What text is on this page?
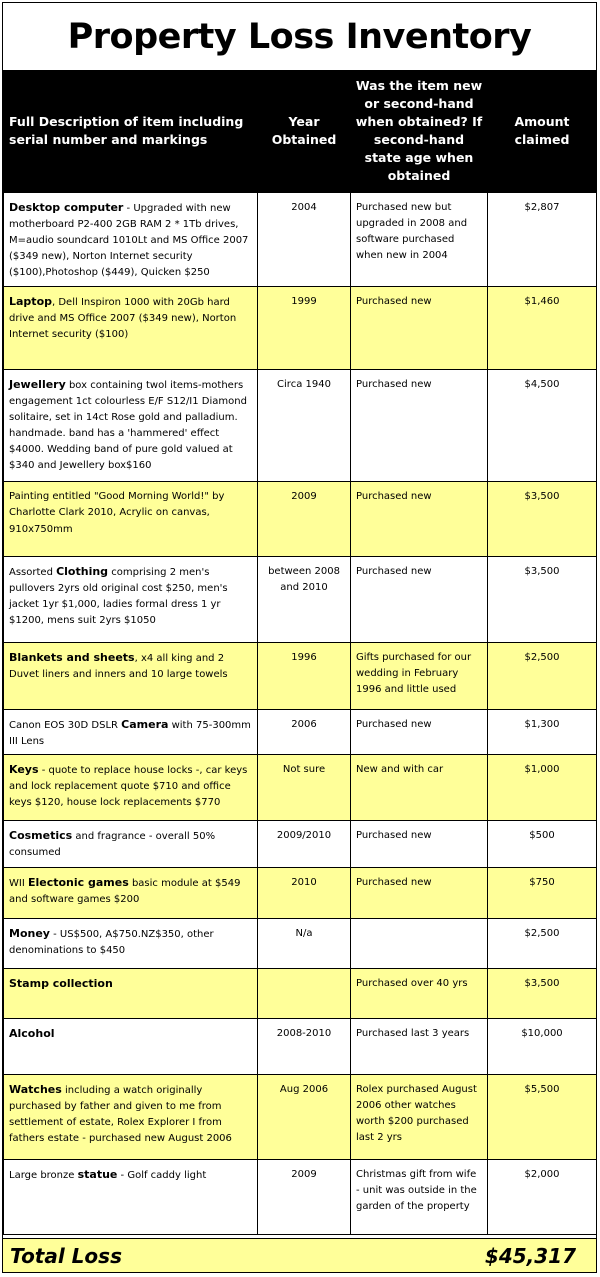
Property Loss Inventory
Full Description of item including serial number and markings	Year Obtained	Was the item new or second-hand when obtained? If second-hand state age when obtained	Amount claimed
Desktop computer - Upgraded with new motherboard P2-400 2GB RAM 2 * 1Tb drives, M=audio soundcard 1010Lt and MS Office 2007 ($349 new), Norton Internet security ($100),Photoshop ($449), Quicken $250	2004	Purchased new but upgraded in 2008 and software purchased when new in 2004	$2,807
Laptop, Dell Inspiron 1000 with 20Gb hard drive and MS Office 2007 ($349 new), Norton Internet security ($100)	1999	Purchased new	$1,460
Jewellery box containing twol items-mothers engagement 1ct colourless E/F S12/I1 Diamond solitaire, set in 14ct Rose gold and palladium. handmade. band has a 'hammered' effect $4000. Wedding band of pure gold valued at $340 and Jewellery box$160	Circa 1940	Purchased new	$4,500
Painting entitled "Good Morning World!" by Charlotte Clark 2010, Acrylic on canvas, 910x750mm	2009	Purchased new	$3,500
Assorted Clothing comprising 2 men's pullovers 2yrs old original cost $250, men's jacket 1yr $1,000, ladies formal dress 1 yr $1200, mens suit 2yrs $1050	between 2008 and 2010	Purchased new	$3,500
Blankets and sheets, x4 all king and 2 Duvet liners and inners and 10 large towels	1996	Gifts purchased for our wedding in February 1996 and little used	$2,500
Canon EOS 30D DSLR Camera with 75-300mm III Lens	2006	Purchased new	$1,300
Keys - quote to replace house locks -, car keys and lock replacement quote $710 and office keys $120, house lock replacements $770	Not sure	New and with car	$1,000
Cosmetics and fragrance - overall 50% consumed	2009/2010	Purchased new	$500
WII Electonic games basic module at $549 and software games $200	2010	Purchased new	$750
Money - US$500, A$750.NZ$350, other denominations to $450	N/a		$2,500
Stamp collection		Purchased over 40 yrs	$3,500
Alcohol	2008-2010	Purchased last 3 years	$10,000
Watches including a watch originally purchased by father and given to me from settlement of estate, Rolex Explorer I from fathers estate - purchased new August 2006	Aug 2006	Rolex purchased August 2006 other watches worth $200 purchased last 2 yrs	$5,500
Large bronze statue - Golf caddy light	2009	Christmas gift from wife - unit was outside in the garden of the property	$2,000
Total Loss	$45,317
